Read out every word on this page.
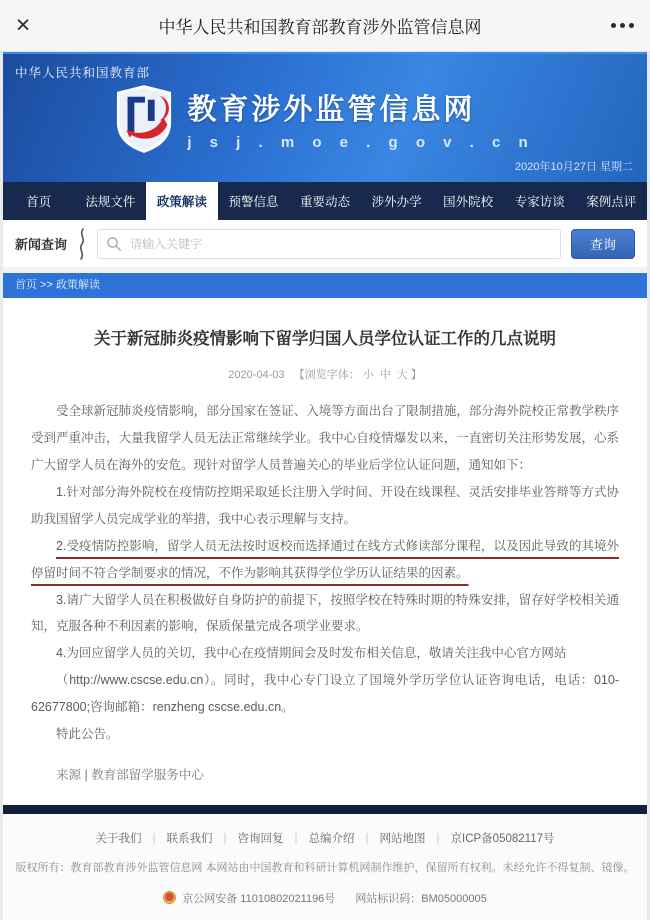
×	中华人民共和国教育部教育涉外监管信息网
中华人民共和国教育部
教育涉外监管信息网
j s j . m o e . g o v . c n
2020年10月27日 星期二
首页	法规文件	政策解读	预警信息	重要动态	涉外办学	国外院校	专家访谈	案例点评
新闻查询
请输入关键字	查询
首页 >> 政策解读
关于新冠肺炎疫情影响下留学归国人员学位认证工作的几点说明
2020-04-03 【浏览字体： 小 中 大 】

受全球新冠肺炎疫情影响，部分国家在签证、入境等方面出台了限制措施，部分海外院校正常教学秩序受到严重冲击，大量我留学人员无法正常继续学业。我中心自疫情爆发以来，一直密切关注形势发展，心系广大留学人员在海外的安危。现针对留学人员普遍关心的毕业后学位认证问题，通知如下：

1.针对部分海外院校在疫情防控期采取延长注册入学时间、开设在线课程、灵活安排毕业答辩等方式协助我国留学人员完成学业的举措，我中心表示理解与支持。

2.受疫情防控影响，留学人员无法按时返校而选择通过在线方式修读部分课程，以及因此导致的其境外停留时间不符合学制要求的情况，不作为影响其获得学位学历认证结果的因素。

3.请广大留学人员在积极做好自身防护的前提下，按照学校在特殊时期的特殊安排，留存好学校相关通知，克服各种不利因素的影响，保质保量完成各项学业要求。

4.为回应留学人员的关切，我中心在疫情期间会及时发布相关信息，敬请关注我中心官方网站

（http://www.cscse.edu.cn）。同时，我中心专门设立了国境外学历学位认证咨询电话，电话：010-62677800;咨询邮箱：renzheng cscse.edu.cn。

特此公告。

来源 | 教育部留学服务中心

关于我们 | 联系我们 | 咨询回复 | 总编介绍 | 网站地图 | 京ICP备05082117号
版权所有：教育部教育涉外监管信息网 本网站由中国教育和科研计算机网制作维护，保留所有权利。未经允许不得复制、镜像。
京公网安备 11010802021196号 网站标识码：BM05000005
